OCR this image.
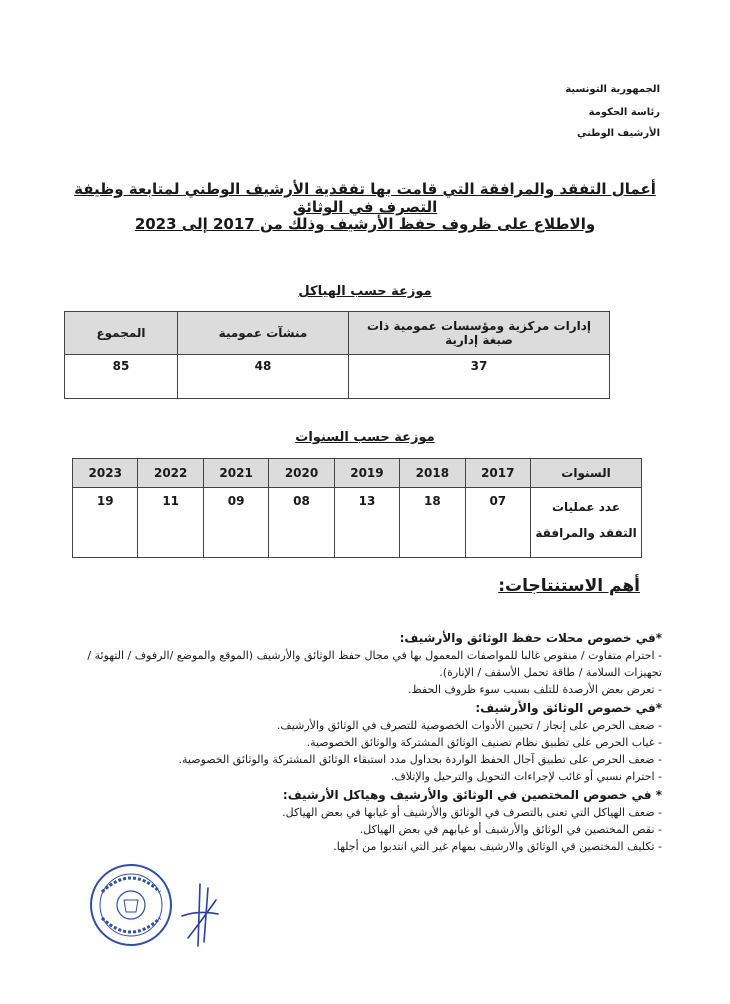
الجمهورية التونسية
رئاسة الحكومة
الأرشيف الوطني
أعمال التفقد والمرافقة التي قامت بها تفقدية الأرشيف الوطني لمتابعة وظيفة التصرف في الوثائق
والاطلاع على ظروف حفظ الأرشيف وذلك من 2017 إلى 2023
موزعة حسب الهياكل
إدارات مركزية ومؤسسات عمومية ذات صبغة إدارية	منشآت عمومية	المجموع
37	48	85
موزعة حسب السنوات
السنوات	2017	2018	2019	2020	2021	2022	2023
عدد عمليات التفقد والمرافقة	07	18	13	08	09	11	19
أهم الاستنتاجات:
*في خصوص محلات حفظ الوثائق والأرشيف:

- احترام متفاوت / منقوص غالبا للمواصفات المعمول بها في مجال حفظ الوثائق والأرشيف (الموقع والموضع /الرفوف / التهوئة / تجهيزات السلامة / طاقة تحمل الأسقف / الإنارة).

- تعرض بعض الأرصدة للتلف بسبب سوء ظروف الحفظ.

*في خصوص الوثائق والأرشيف:

- ضعف الحرص على إنجاز / تحيين الأدوات الخصوصية للتصرف في الوثائق والأرشيف.

- غياب الحرص على تطبيق نظام تصنيف الوثائق المشتركة والوثائق الخصوصية.

- ضعف الحرص على تطبيق آجال الحفظ الواردة بجداول مدد استبقاء الوثائق المشتركة والوثائق الخصوصية.

- احترام نسبي أو غائب لإجراءات التحويل والترحيل والإتلاف.

* في خصوص المختصين في الوثائق والأرشيف وهياكل الأرشيف:

- ضعف الهياكل التي تعنى بالتصرف في الوثائق والأرشيف أو غيابها في بعض الهياكل.

- نقص المختصين في الوثائق والأرشيف أو غيابهم في بعض الهياكل.

- تكليف المختصين في الوثائق والارشيف بمهام غير التي انتدبوا من أجلها.
